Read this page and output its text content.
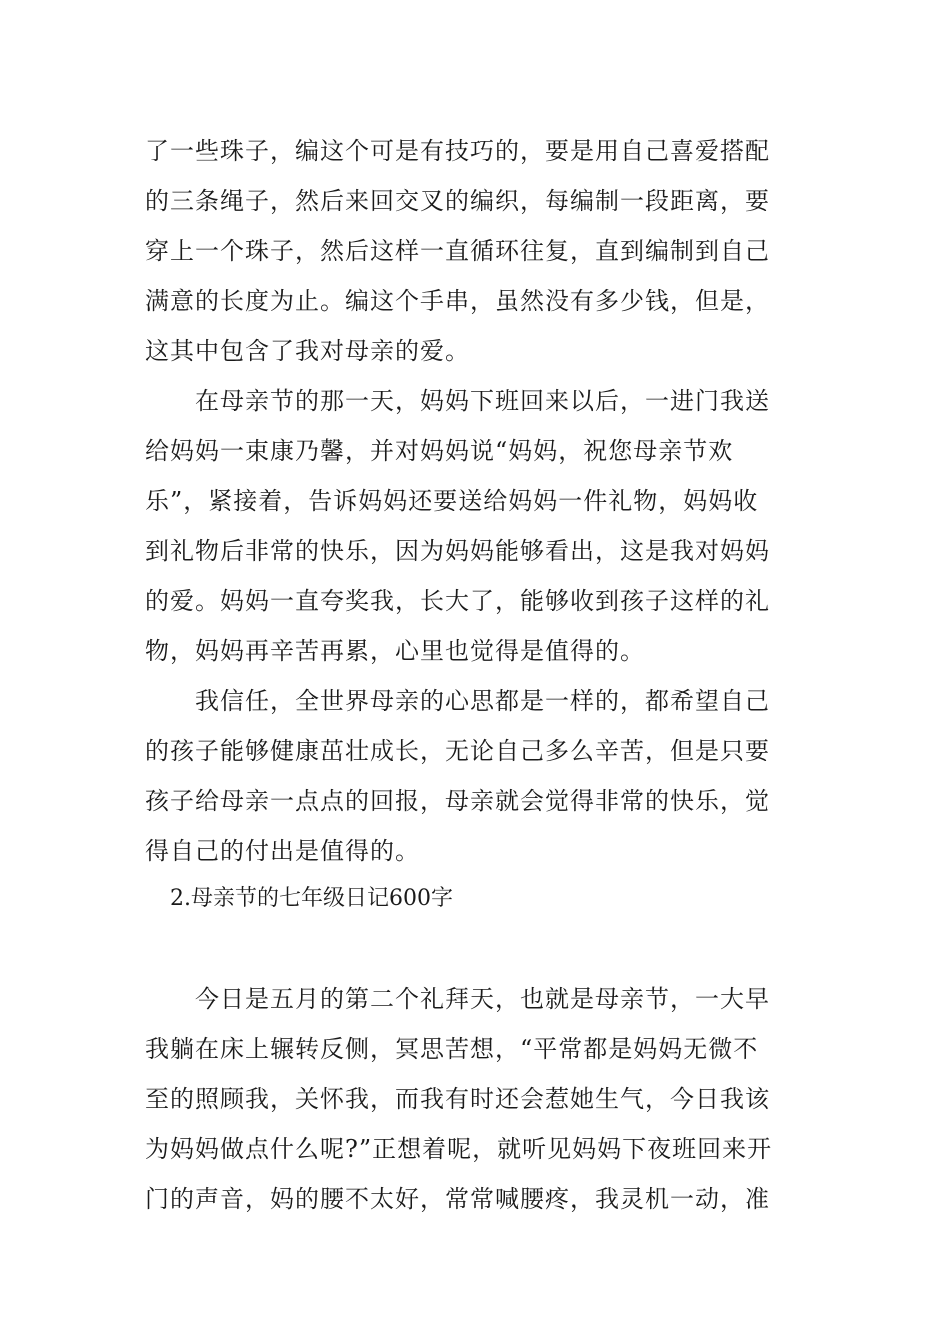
了一些珠子，编这个可是有技巧的，要是用自己喜爱搭配
的三条绳子，然后来回交叉的编织，每编制一段距离，要
穿上一个珠子，然后这样一直循环往复，直到编制到自己
满意的长度为止。编这个手串，虽然没有多少钱，但是，
这其中包含了我对母亲的爱。
　　在母亲节的那一天，妈妈下班回来以后，一进门我送
给妈妈一束康乃馨，并对妈妈说“妈妈，祝您母亲节欢
乐”，紧接着，告诉妈妈还要送给妈妈一件礼物，妈妈收
到礼物后非常的快乐，因为妈妈能够看出，这是我对妈妈
的爱。妈妈一直夸奖我，长大了，能够收到孩子这样的礼
物，妈妈再辛苦再累，心里也觉得是值得的。
　　我信任，全世界母亲的心思都是一样的，都希望自己
的孩子能够健康茁壮成长，无论自己多么辛苦，但是只要
孩子给母亲一点点的回报，母亲就会觉得非常的快乐，觉
得自己的付出是值得的。
2.母亲节的七年级日记600字
　　今日是五月的第二个礼拜天，也就是母亲节，一大早
我躺在床上辗转反侧，冥思苦想，“平常都是妈妈无微不
至的照顾我，关怀我，而我有时还会惹她生气，今日我该
为妈妈做点什么呢?”正想着呢，就听见妈妈下夜班回来开
门的声音，妈的腰不太好，常常喊腰疼，我灵机一动，准
